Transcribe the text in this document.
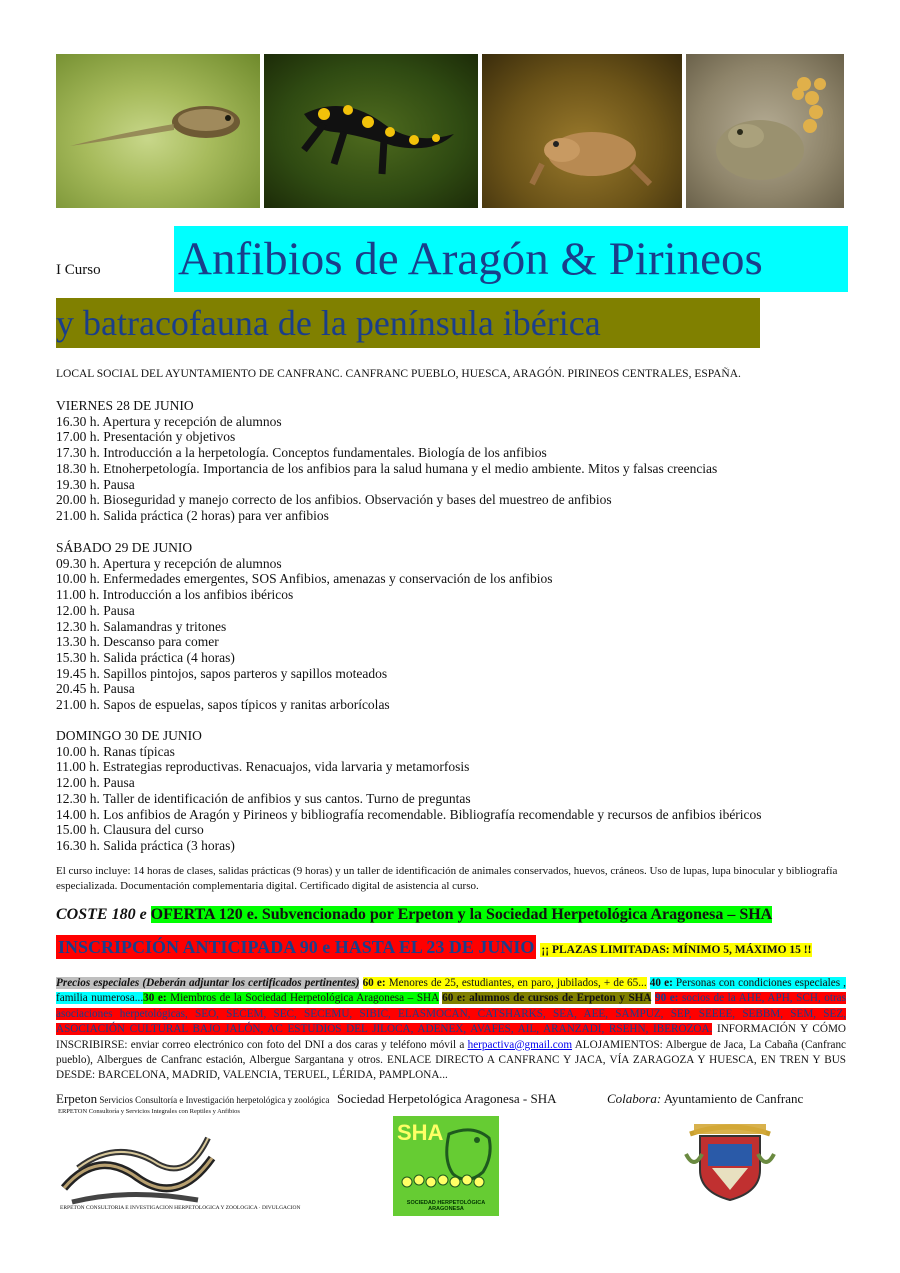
I Curso Anfibios de Aragón & Pirineos
y batracofauna de la península ibérica
LOCAL SOCIAL DEL AYUNTAMIENTO DE CANFRANC. CANFRANC PUEBLO, HUESCA, ARAGÓN. PIRINEOS CENTRALES, ESPAÑA.
VIERNES 28 DE JUNIO
16.30 h. Apertura y recepción de alumnos
17.00 h. Presentación y objetivos
17.30 h. Introducción a la herpetología. Conceptos fundamentales. Biología de los anfibios
18.30 h. Etnoherpetología. Importancia de los anfibios para la salud humana y el medio ambiente. Mitos y falsas creencias
19.30 h. Pausa
20.00 h. Bioseguridad y manejo correcto de los anfibios. Observación y bases del muestreo de anfibios
21.00 h. Salida práctica (2 horas) para ver anfibios
SÁBADO 29 DE JUNIO
09.30 h. Apertura y recepción de alumnos
10.00 h. Enfermedades emergentes, SOS Anfibios, amenazas y conservación de los anfibios
11.00 h. Introducción a los anfibios ibéricos
12.00 h. Pausa
12.30 h. Salamandras y tritones
13.30 h. Descanso para comer
15.30 h. Salida práctica (4 horas)
19.45 h. Sapillos pintojos, sapos parteros y sapillos moteados
20.45 h. Pausa
21.00 h. Sapos de espuelas, sapos típicos y ranitas arborícolas
DOMINGO 30 DE JUNIO
10.00 h. Ranas típicas
11.00 h. Estrategias reproductivas. Renacuajos, vida larvaria y metamorfosis
12.00 h. Pausa
12.30 h. Taller de identificación de anfibios y sus cantos. Turno de preguntas
14.00 h. Los anfibios de Aragón y Pirineos y bibliografía recomendable. Bibliografía recomendable y recursos de anfibios ibéricos
15.00 h. Clausura del curso
16.30 h. Salida práctica (3 horas)
El curso incluye: 14 horas de clases, salidas prácticas (9 horas) y un taller de identificación de animales conservados, huevos, cráneos. Uso de lupas, lupa binocular y bibliografía especializada. Documentación complementaria digital. Certificado digital de asistencia al curso.
COSTE 180 e OFERTA 120 e. Subvencionado por Erpeton y la Sociedad Herpetológica Aragonesa – SHA
INSCRIPCIÓN ANTICIPADA 90 e HASTA EL 23 DE JUNIO ¡¡ PLAZAS LIMITADAS: MÍNIMO 5, MÁXIMO 15 !!
Precios especiales (Deberán adjuntar los certificados pertinentes) 60 e: Menores de 25, estudiantes, en paro, jubilados, + de 65... 40 e: Personas con condiciones especiales , familia numerosa...30 e: Miembros de la Sociedad Herpetológica Aragonesa – SHA 60 e: alumnos de cursos de Erpeton y SHA 90 e: socios de la AHE, APH, SCH, otras asociaciones herpetológicas, SEO, SECEM, SEC, SECEMU, SIBIC, ELASMOCAN, CATSHARKS, SEA, AEE, SAMPUZ, SEP, SEEEE, SEBBM, SEM, SEZ, ASOCIACIÓN CULTURAL BAJO JALÓN, AC ESTUDIOS DEL JILOCA, ADENEX, AVAFES, AIL, ARANZADI, RSEHN, IBEROZOA. INFORMACIÓN Y CÓMO INSCRIBIRSE: enviar correo electrónico con foto del DNI a dos caras y teléfono móvil a herpactiva@gmail.com ALOJAMIENTOS: Albergue de Jaca, La Cabaña (Canfranc pueblo), Albergues de Canfranc estación, Albergue Sargantana y otros. ENLACE DIRECTO A CANFRANC Y JACA, VÍA ZARAGOZA Y HUESCA, EN TREN Y BUS DESDE: BARCELONA, MADRID, VALENCIA, TERUEL, LÉRIDA, PAMPLONA...
Erpeton Servicios Consultoría e Investigación herpetológica y zoológica Sociedad Herpetológica Aragonesa - SHA	Colabora: Ayuntamiento de Canfranc
ERPETON Consultoría y Servicios Integrales con Reptiles y Anfibios
ERPETON CONSULTORIA E INVESTIGACION HERPETOLOGICA Y ZOOLOGICA · DIVULGACION
SHA
SOCIEDAD HERPETOLÓGICA ARAGONESA
